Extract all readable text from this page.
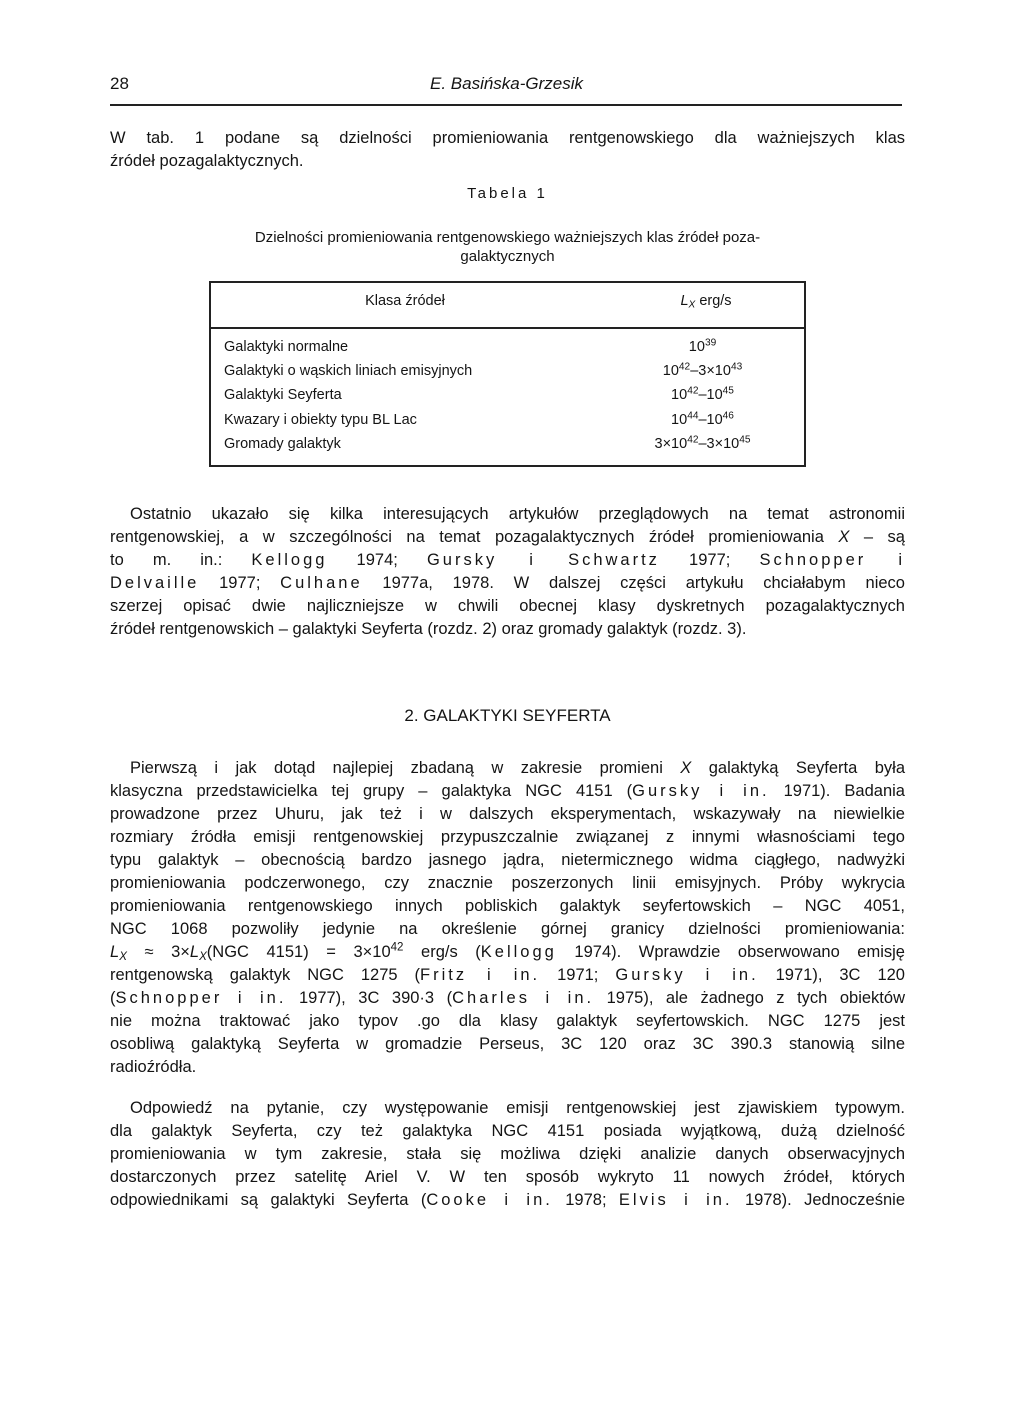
28	E. Basińska-Grzesik

W tab. 1 podane są dzielności promieniowania rentgenowskiego dla ważniejszych klas

źródeł pozagalaktycznych.

Tabela 1
Dzielności promieniowania rentgenowskiego ważniejszych klas źródeł poza-
galaktycznych
Klasa źródeł	$L_X$ erg/s
Galaktyki normalne	$10^{39}$
Galaktyki o wąskich liniach emisyjnych	$10^{42}-3\times 10^{43}$
Galaktyki Seyferta	$10^{42}-10^{45}$
Kwazary i obiekty typu BL Lac	$10^{44}-10^{46}$
Gromady galaktyk	$3\times 10^{42}-3\times 10^{45}$

Ostatnio ukazało się kilka interesujących artykułów przeglądowych na temat astronomii

rentgenowskiej, a w szczególności na temat pozagalaktycznych źródeł promieniowania X – są

to m. in.: Kellogg 1974; Gursky i Schwartz 1977; Schnopper i

Delvaille 1977; Culhane 1977a, 1978. W dalszej części artykułu chciałabym nieco

szerzej opisać dwie najliczniejsze w chwili obecnej klasy dyskretnych pozagalaktycznych

źródeł rentgenowskich – galaktyki Seyferta (rozdz. 2) oraz gromady galaktyk (rozdz. 3).

2. GALAKTYKI SEYFERTA

Pierwszą i jak dotąd najlepiej zbadaną w zakresie promieni X galaktyką Seyferta była

klasyczna przedstawicielka tej grupy – galaktyka NGC 4151 (Gursky i in. 1971). Badania

prowadzone przez Uhuru, jak też i w dalszych eksperymentach, wskazywały na niewielkie

rozmiary źródła emisji rentgenowskiej przypuszczalnie związanej z innymi własnościami tego

typu galaktyk – obecnością bardzo jasnego jądra, nietermicznego widma ciągłego, nadwyżki

promieniowania podczerwonego, czy znacznie poszerzonych linii emisyjnych. Próby wykrycia

promieniowania rentgenowskiego innych pobliskich galaktyk seyfertowskich – NGC 4051,

NGC 1068 pozwoliły jedynie na określenie górnej granicy dzielności promieniowania:

$L_X \approx 3\times L_X(NGC$ $4151) = 3\times 10^{42}$ erg/s (Kellogg 1974). Wprawdzie obserwowano emisję

rentgenowską galaktyk NGC 1275 (Fritz i in. 1971; Gursky i in. 1971), 3C 120

(Schnopper i in. 1977), 3C 390·3 (Charles i in. 1975), ale żadnego z tych obiektów

nie można traktować jako typov .go dla klasy galaktyk seyfertowskich. NGC 1275 jest

osobliwą galaktyką Seyferta w gromadzie Perseus, 3C 120 oraz 3C 390.3 stanowią silne

radioźródła.

Odpowiedź na pytanie, czy występowanie emisji rentgenowskiej jest zjawiskiem typowym.

dla galaktyk Seyferta, czy też galaktyka NGC 4151 posiada wyjątkową, dużą dzielność

promieniowania w tym zakresie, stała się możliwa dzięki analizie danych obserwacyjnych

dostarczonych przez satelitę Ariel V. W ten sposób wykryto 11 nowych źródeł, których

odpowiednikami są galaktyki Seyferta (Cooke i in. 1978; Elvis i in. 1978). Jednocześnie
